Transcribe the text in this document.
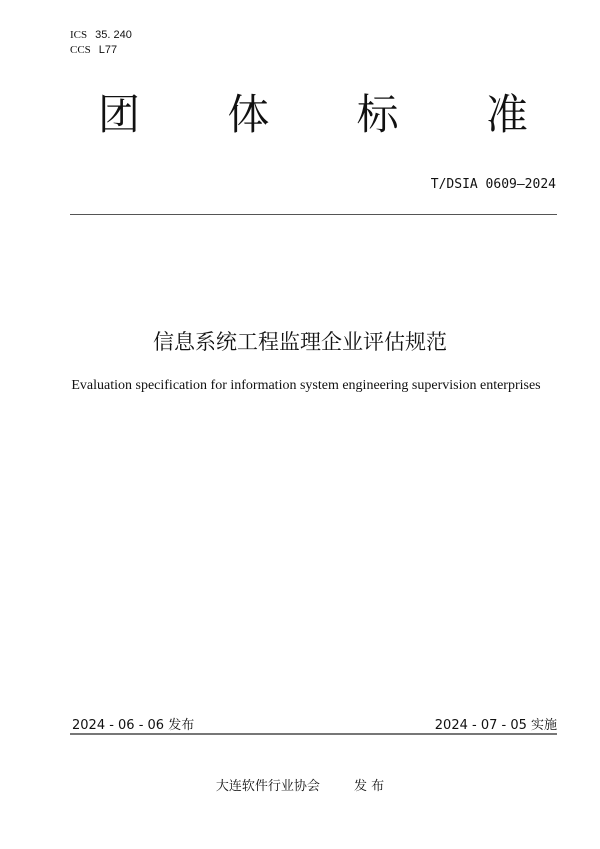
ICS 35. 240
CCS L77
团 体 标 准
T/DSIA 0609—2024
信息系统工程监理企业评估规范
Evaluation specification for information system engineering supervision enterprises
2024 - 06 - 06 发布	2024 - 07 - 05 实施
大连软件行业协会	发 布
